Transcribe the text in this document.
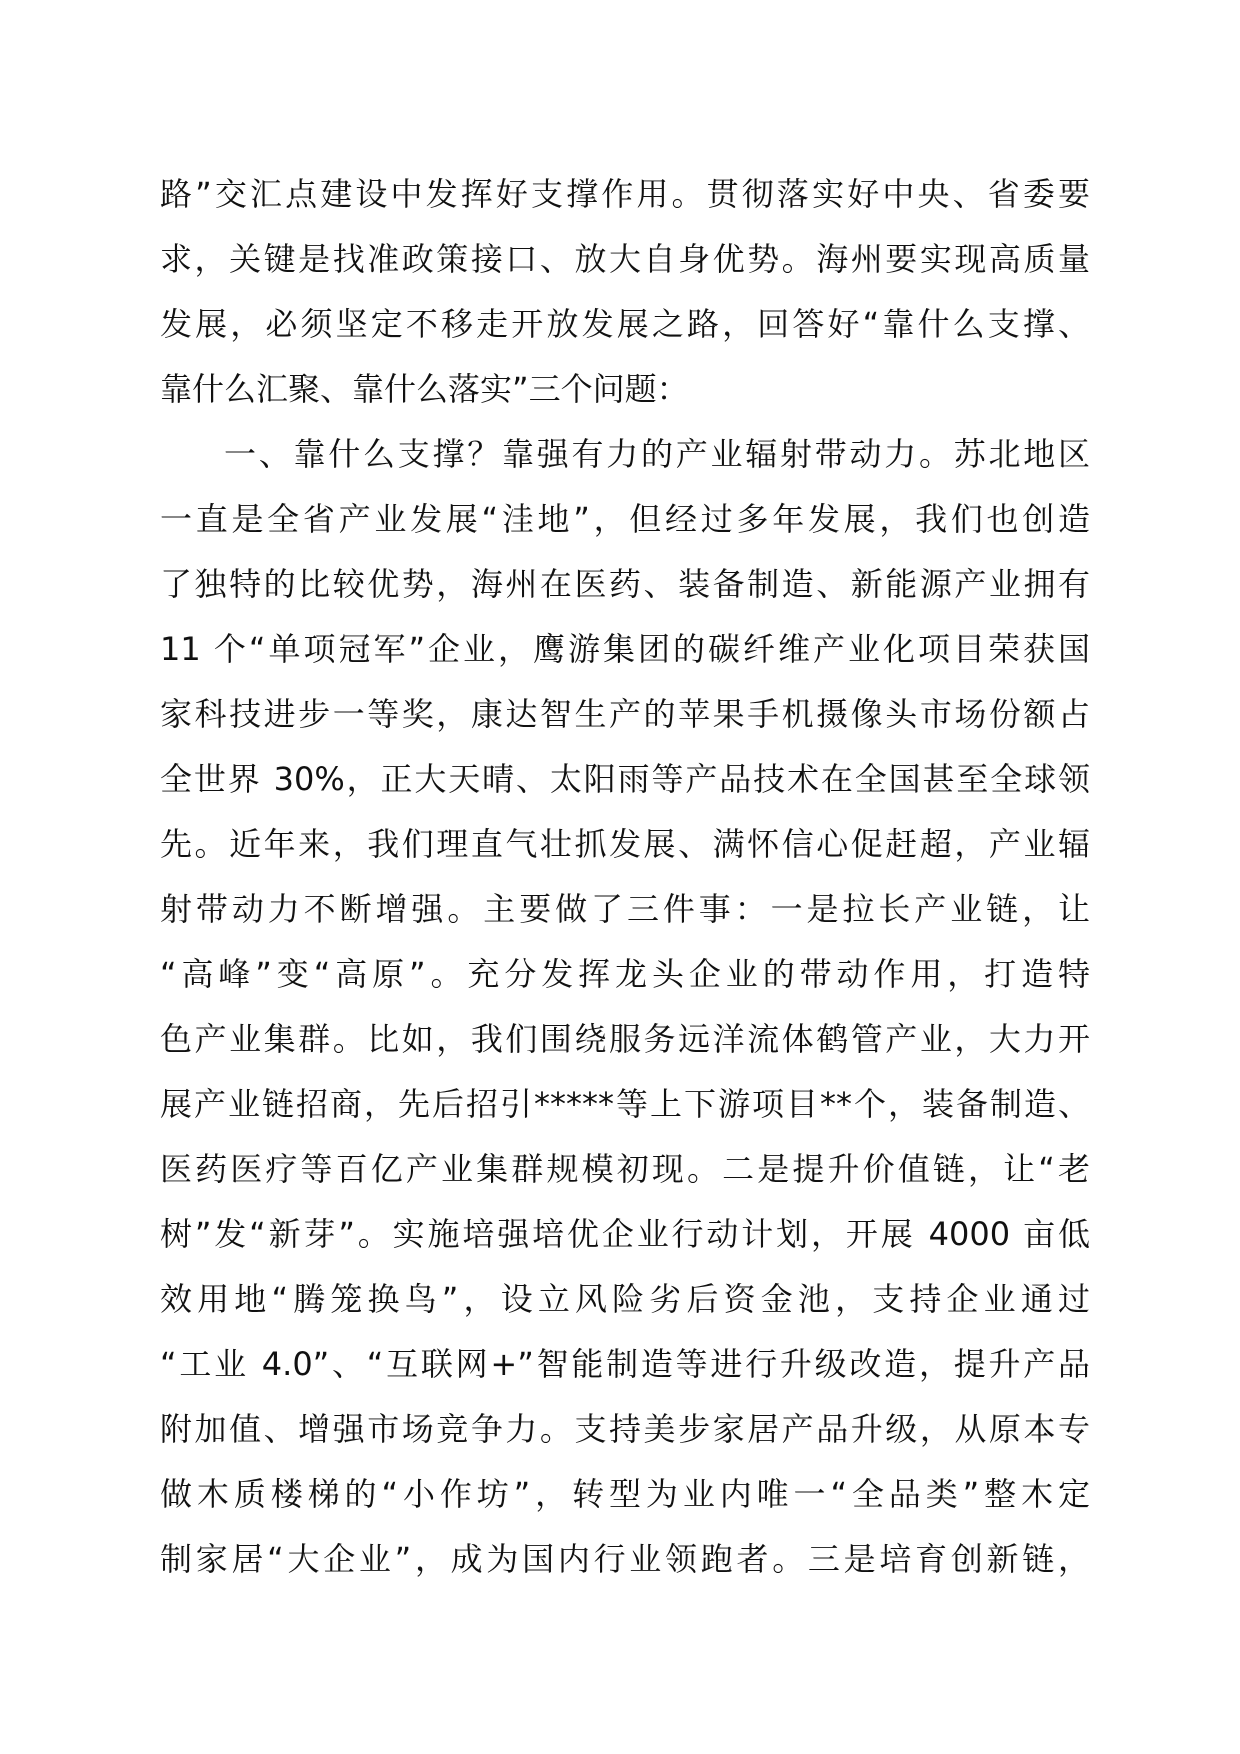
路”交汇点建设中发挥好支撑作用。贯彻落实好中央、省委要
求，关键是找准政策接口、放大自身优势。海州要实现高质量
发展，必须坚定不移走开放发展之路，回答好“靠什么支撑、
靠什么汇聚、靠什么落实”三个问题：
一、靠什么支撑？靠强有力的产业辐射带动力。苏北地区
一直是全省产业发展“洼地”，但经过多年发展，我们也创造
了独特的比较优势，海州在医药、装备制造、新能源产业拥有
11 个“单项冠军”企业，鹰游集团的碳纤维产业化项目荣获国
家科技进步一等奖，康达智生产的苹果手机摄像头市场份额占
全世界 30%，正大天晴、太阳雨等产品技术在全国甚至全球领
先。近年来，我们理直气壮抓发展、满怀信心促赶超，产业辐
射带动力不断增强。主要做了三件事：一是拉长产业链，让
“高峰”变“高原”。充分发挥龙头企业的带动作用，打造特
色产业集群。比如，我们围绕服务远洋流体鹤管产业，大力开
展产业链招商，先后招引*****等上下游项目**个，装备制造、
医药医疗等百亿产业集群规模初现。二是提升价值链，让“老
树”发“新芽”。实施培强培优企业行动计划，开展 4000 亩低
效用地“腾笼换鸟”，设立风险劣后资金池，支持企业通过
“工业 4.0”、“互联网+”智能制造等进行升级改造，提升产品
附加值、增强市场竞争力。支持美步家居产品升级，从原本专
做木质楼梯的“小作坊”，转型为业内唯一“全品类”整木定
制家居“大企业”，成为国内行业领跑者。三是培育创新链，
